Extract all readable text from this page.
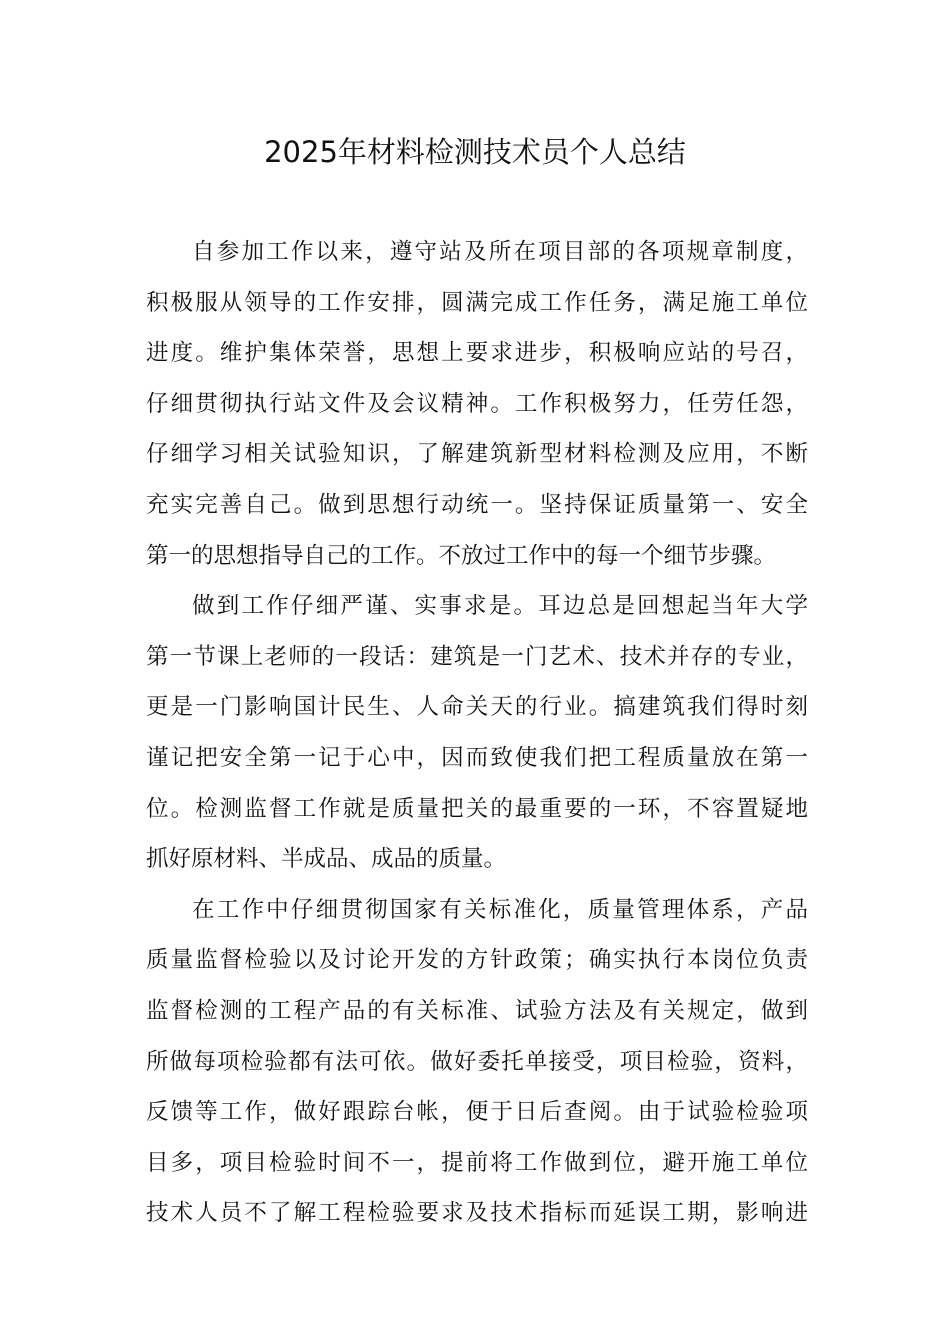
2025年材料检测技术员个人总结
自参加工作以来，遵守站及所在项目部的各项规章制度，
积极服从领导的工作安排，圆满完成工作任务，满足施工单位
进度。维护集体荣誉，思想上要求进步，积极响应站的号召，
仔细贯彻执行站文件及会议精神。工作积极努力，任劳任怨，
仔细学习相关试验知识，了解建筑新型材料检测及应用，不断
充实完善自己。做到思想行动统一。坚持保证质量第一、安全
第一的思想指导自己的工作。不放过工作中的每一个细节步骤。
做到工作仔细严谨、实事求是。耳边总是回想起当年大学
第一节课上老师的一段话：建筑是一门艺术、技术并存的专业，
更是一门影响国计民生、人命关天的行业。搞建筑我们得时刻
谨记把安全第一记于心中，因而致使我们把工程质量放在第一
位。检测监督工作就是质量把关的最重要的一环，不容置疑地
抓好原材料、半成品、成品的质量。
在工作中仔细贯彻国家有关标准化，质量管理体系，产品
质量监督检验以及讨论开发的方针政策；确实执行本岗位负责
监督检测的工程产品的有关标准、试验方法及有关规定，做到
所做每项检验都有法可依。做好委托单接受，项目检验，资料，
反馈等工作，做好跟踪台帐，便于日后查阅。由于试验检验项
目多，项目检验时间不一，提前将工作做到位，避开施工单位
技术人员不了解工程检验要求及技术指标而延误工期，影响进
